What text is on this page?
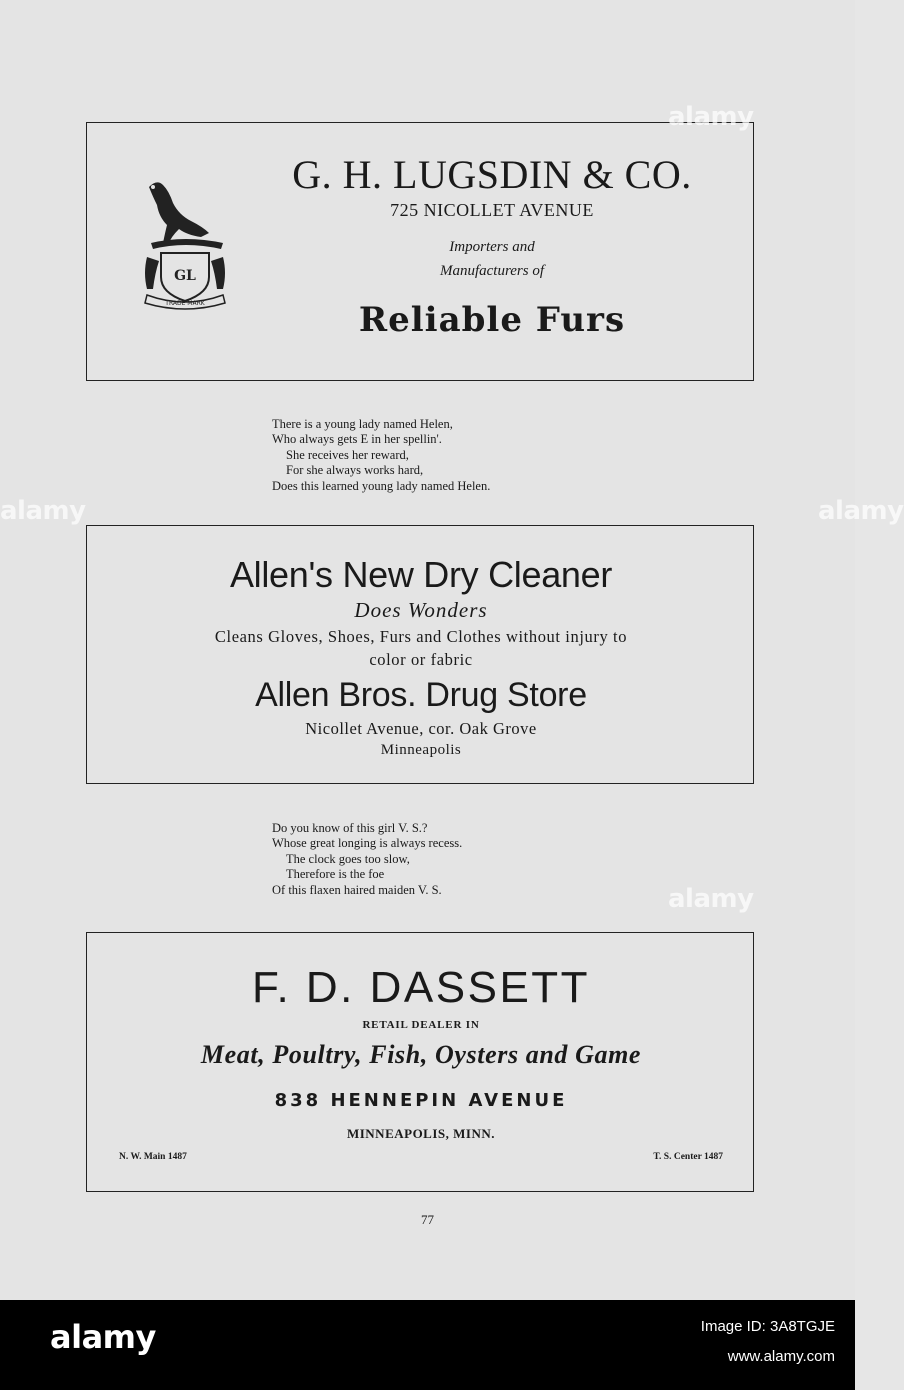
GL
TRADE MARK
G. H. LUGSDIN & CO.
725 NICOLLET AVENUE
Importers and
Manufacturers of
Reliable Furs
There is a young lady named Helen,
Who always gets E in her spellin'.
She receives her reward,
For she always works hard,
Does this learned young lady named Helen.
Allen's New Dry Cleaner
Does Wonders
Cleans Gloves, Shoes, Furs and Clothes without injury to
color or fabric
Allen Bros. Drug Store
Nicollet Avenue, cor. Oak Grove
Minneapolis
Do you know of this girl V. S.?
Whose great longing is always recess.
The clock goes too slow,
Therefore is the foe
Of this flaxen haired maiden V. S.
F. D. DASSETT
RETAIL DEALER IN
Meat, Poultry, Fish, Oysters and Game
838 HENNEPIN AVENUE
MINNEAPOLIS, MINN.
N. W. Main 1487	T. S. Center 1487
77
alamy
alamy	alamy
alamy
alamy	Image ID: 3A8TGJE
www.alamy.com
